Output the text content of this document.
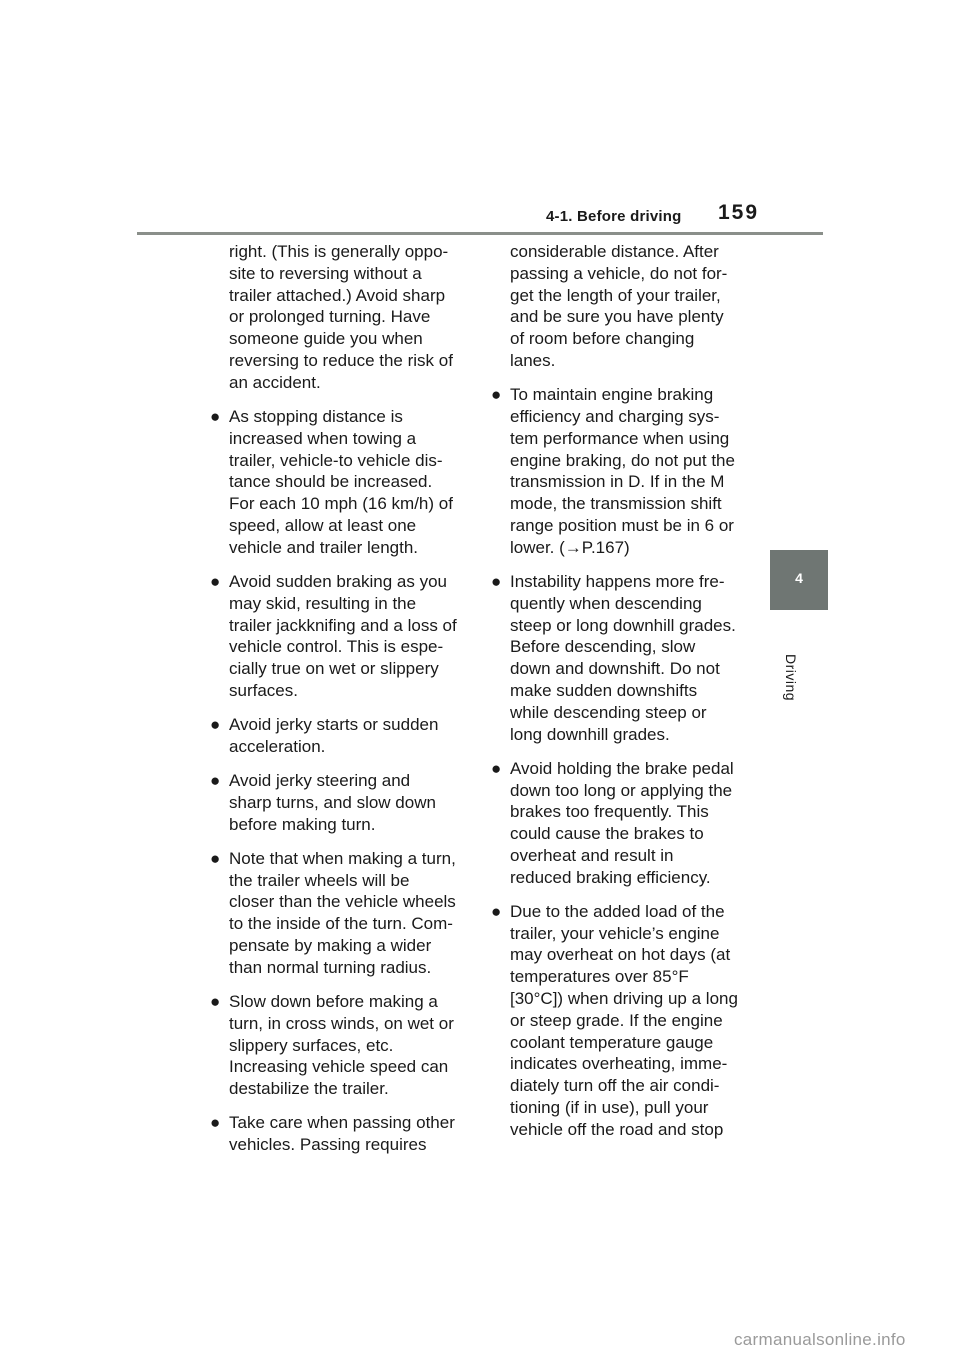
4-1. Before driving 159
4
Driving
right. (This is generally oppo-
site to reversing without a
trailer attached.) Avoid sharp
or prolonged turning. Have
someone guide you when
reversing to reduce the risk of
an accident.
● As stopping distance is
increased when towing a
trailer, vehicle-to vehicle dis-
tance should be increased.
For each 10 mph (16 km/h) of
speed, allow at least one
vehicle and trailer length.
● Avoid sudden braking as you
may skid, resulting in the
trailer jackknifing and a loss of
vehicle control. This is espe-
cially true on wet or slippery
surfaces.
● Avoid jerky starts or sudden
acceleration.
● Avoid jerky steering and
sharp turns, and slow down
before making turn.
● Note that when making a turn,
the trailer wheels will be
closer than the vehicle wheels
to the inside of the turn. Com-
pensate by making a wider
than normal turning radius.
● Slow down before making a
turn, in cross winds, on wet or
slippery surfaces, etc.
Increasing vehicle speed can
destabilize the trailer.
● Take care when passing other
vehicles. Passing requires
considerable distance. After
passing a vehicle, do not for-
get the length of your trailer,
and be sure you have plenty
of room before changing
lanes.
● To maintain engine braking
efficiency and charging sys-
tem performance when using
engine braking, do not put the
transmission in D. If in the M
mode, the transmission shift
range position must be in 6 or
lower. (→P.167)
● Instability happens more fre-
quently when descending
steep or long downhill grades.
Before descending, slow
down and downshift. Do not
make sudden downshifts
while descending steep or
long downhill grades.
● Avoid holding the brake pedal
down too long or applying the
brakes too frequently. This
could cause the brakes to
overheat and result in
reduced braking efficiency.
● Due to the added load of the
trailer, your vehicle’s engine
may overheat on hot days (at
temperatures over 85°F
[30°C]) when driving up a long
or steep grade. If the engine
coolant temperature gauge
indicates overheating, imme-
diately turn off the air condi-
tioning (if in use), pull your
vehicle off the road and stop
carmanualsonline.info
